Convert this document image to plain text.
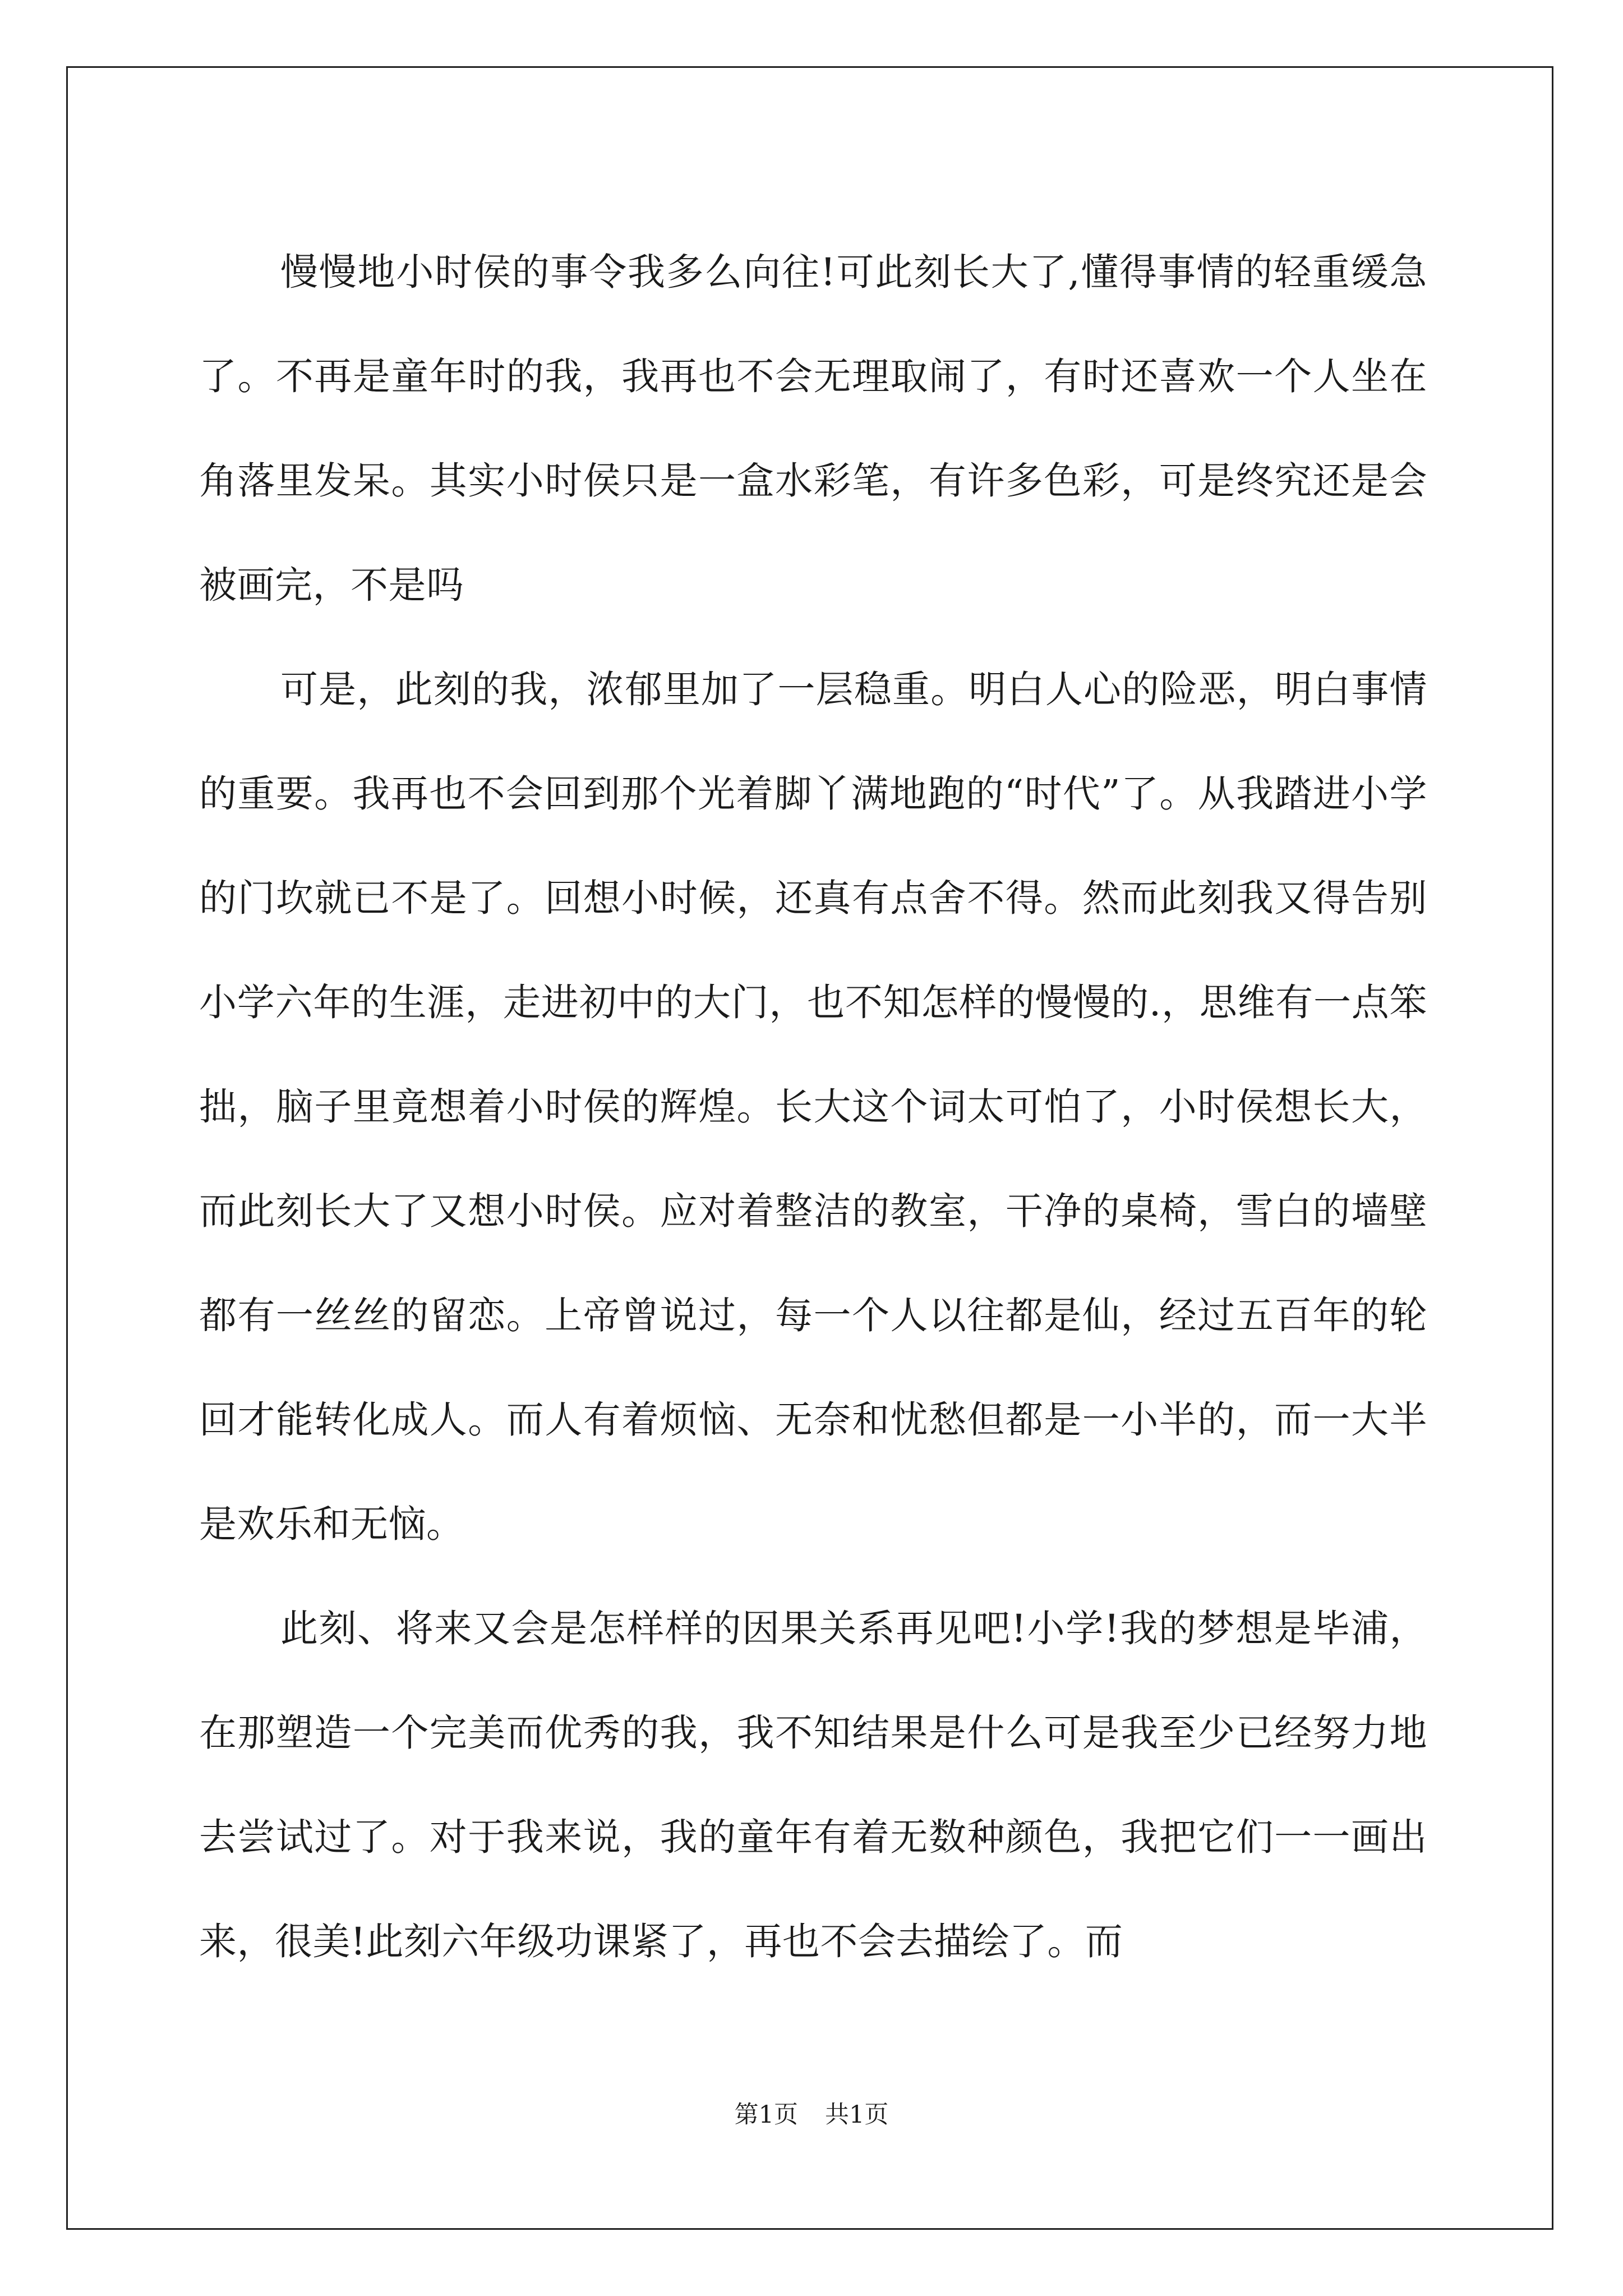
慢慢地小时侯的事令我多么向往!可此刻长大了,懂得事情的轻重缓急了。不再是童年时的我，我再也不会无理取闹了，有时还喜欢一个人坐在角落里发呆。其实小时侯只是一盒水彩笔，有许多色彩，可是终究还是会被画完，不是吗

可是，此刻的我，浓郁里加了一层稳重。明白人心的险恶，明白事情的重要。我再也不会回到那个光着脚丫满地跑的“时代”了。从我踏进小学的门坎就已不是了。回想小时候，还真有点舍不得。然而此刻我又得告别小学六年的生涯，走进初中的大门，也不知怎样的慢慢的.，思维有一点笨拙，脑子里竟想着小时侯的辉煌。长大这个词太可怕了，小时侯想长大，而此刻长大了又想小时侯。应对着整洁的教室，干净的桌椅，雪白的墙壁都有一丝丝的留恋。上帝曾说过，每一个人以往都是仙，经过五百年的轮回才能转化成人。而人有着烦恼、无奈和忧愁但都是一小半的，而一大半是欢乐和无恼。

此刻、将来又会是怎样样的因果关系再见吧!小学!我的梦想是毕浦，在那塑造一个完美而优秀的我，我不知结果是什么可是我至少已经努力地去尝试过了。对于我来说，我的童年有着无数种颜色，我把它们一一画出来，很美!此刻六年级功课紧了，再也不会去描绘了。而

第1页 共1页
